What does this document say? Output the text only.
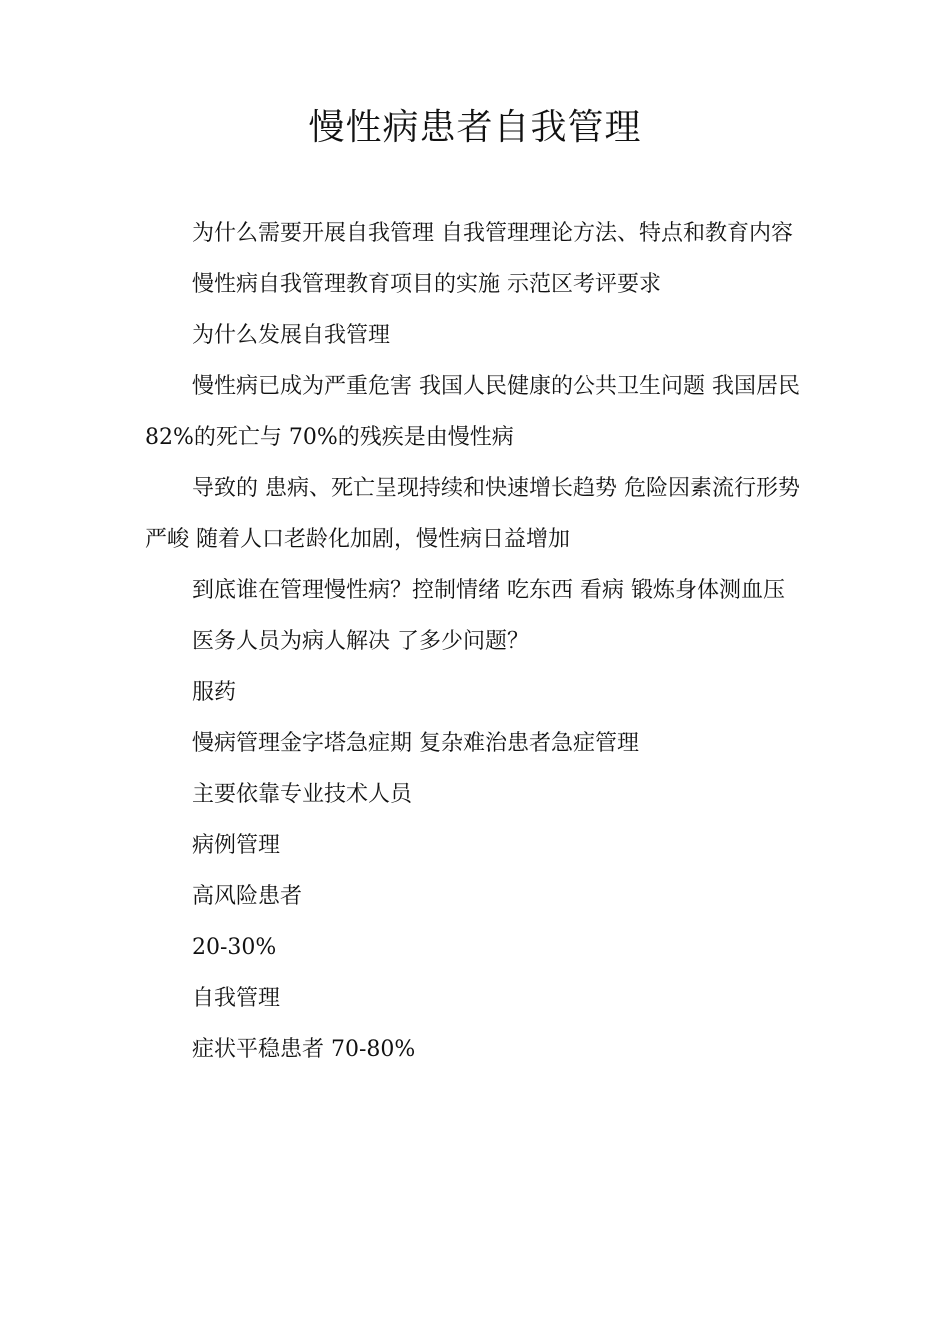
慢性病患者自我管理

为什么需要开展自我管理 自我管理理论方法、特点和教育内容

慢性病自我管理教育项目的实施 示范区考评要求

为什么发展自我管理

慢性病已成为严重危害 我国人民健康的公共卫生问题 我国居民 82%的死亡与 70%的残疾是由慢性病

导致的 患病、死亡呈现持续和快速增长趋势 危险因素流行形势严峻 随着人口老龄化加剧，慢性病日益增加

到底谁在管理慢性病？控制情绪 吃东西 看病 锻炼身体测血压

医务人员为病人解决 了多少问题？

服药

慢病管理金字塔急症期 复杂难治患者急症管理

主要依靠专业技术人员

病例管理

高风险患者

20-30%

自我管理

症状平稳患者 70-80%
